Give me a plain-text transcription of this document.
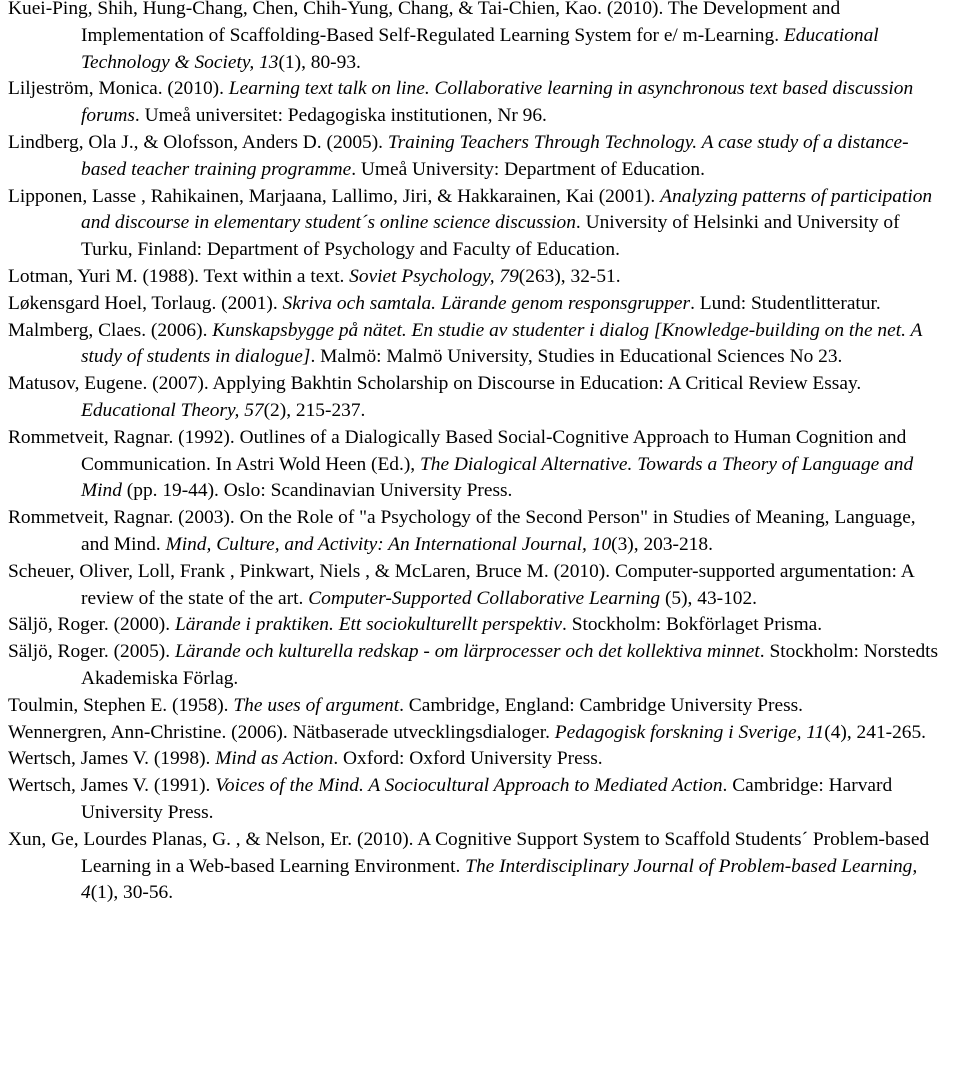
Kuei-Ping, Shih, Hung-Chang, Chen, Chih-Yung, Chang, & Tai-Chien, Kao. (2010). The Development and Implementation of Scaffolding-Based Self-Regulated Learning System for e/ m-Learning. Educational Technology & Society, 13(1), 80-93.
Liljeström, Monica. (2010). Learning text talk on line. Collaborative learning in asynchronous text based discussion forums. Umeå universitet: Pedagogiska institutionen, Nr 96.
Lindberg, Ola J., & Olofsson, Anders D. (2005). Training Teachers Through Technology. A case study of a distance-based teacher training programme. Umeå University: Department of Education.
Lipponen, Lasse , Rahikainen, Marjaana, Lallimo, Jiri, & Hakkarainen, Kai (2001). Analyzing patterns of participation and discourse in elementary student´s online science discussion. University of Helsinki and University of Turku, Finland: Department of Psychology and Faculty of Education.
Lotman, Yuri M. (1988). Text within a text. Soviet Psychology, 79(263), 32-51.
Løkensgard Hoel, Torlaug. (2001). Skriva och samtala. Lärande genom responsgrupper. Lund: Studentlitteratur.
Malmberg, Claes. (2006). Kunskapsbygge på nätet. En studie av studenter i dialog [Knowledge-building on the net. A study of students in dialogue]. Malmö: Malmö University, Studies in Educational Sciences No 23.
Matusov, Eugene. (2007). Applying Bakhtin Scholarship on Discourse in Education: A Critical Review Essay. Educational Theory, 57(2), 215-237.
Rommetveit, Ragnar. (1992). Outlines of a Dialogically Based Social-Cognitive Approach to Human Cognition and Communication. In Astri Wold Heen (Ed.), The Dialogical Alternative. Towards a Theory of Language and Mind (pp. 19-44). Oslo: Scandinavian University Press.
Rommetveit, Ragnar. (2003). On the Role of "a Psychology of the Second Person" in Studies of Meaning, Language, and Mind. Mind, Culture, and Activity: An International Journal, 10(3), 203-218.
Scheuer, Oliver, Loll, Frank , Pinkwart, Niels , & McLaren, Bruce M. (2010). Computer-supported argumentation: A review of the state of the art. Computer-Supported Collaborative Learning (5), 43-102.
Säljö, Roger. (2000). Lärande i praktiken. Ett sociokulturellt perspektiv. Stockholm: Bokförlaget Prisma.
Säljö, Roger. (2005). Lärande och kulturella redskap - om lärprocesser och det kollektiva minnet. Stockholm: Norstedts Akademiska Förlag.
Toulmin, Stephen E. (1958). The uses of argument. Cambridge, England: Cambridge University Press.
Wennergren, Ann-Christine. (2006). Nätbaserade utvecklingsdialoger. Pedagogisk forskning i Sverige, 11(4), 241-265.
Wertsch, James V. (1998). Mind as Action. Oxford: Oxford University Press.
Wertsch, James V. (1991). Voices of the Mind. A Sociocultural Approach to Mediated Action. Cambridge: Harvard University Press.
Xun, Ge, Lourdes Planas, G. , & Nelson, Er. (2010). A Cognitive Support System to Scaffold Students´ Problem-based Learning in a Web-based Learning Environment. The Interdisciplinary Journal of Problem-based Learning, 4(1), 30-56.
